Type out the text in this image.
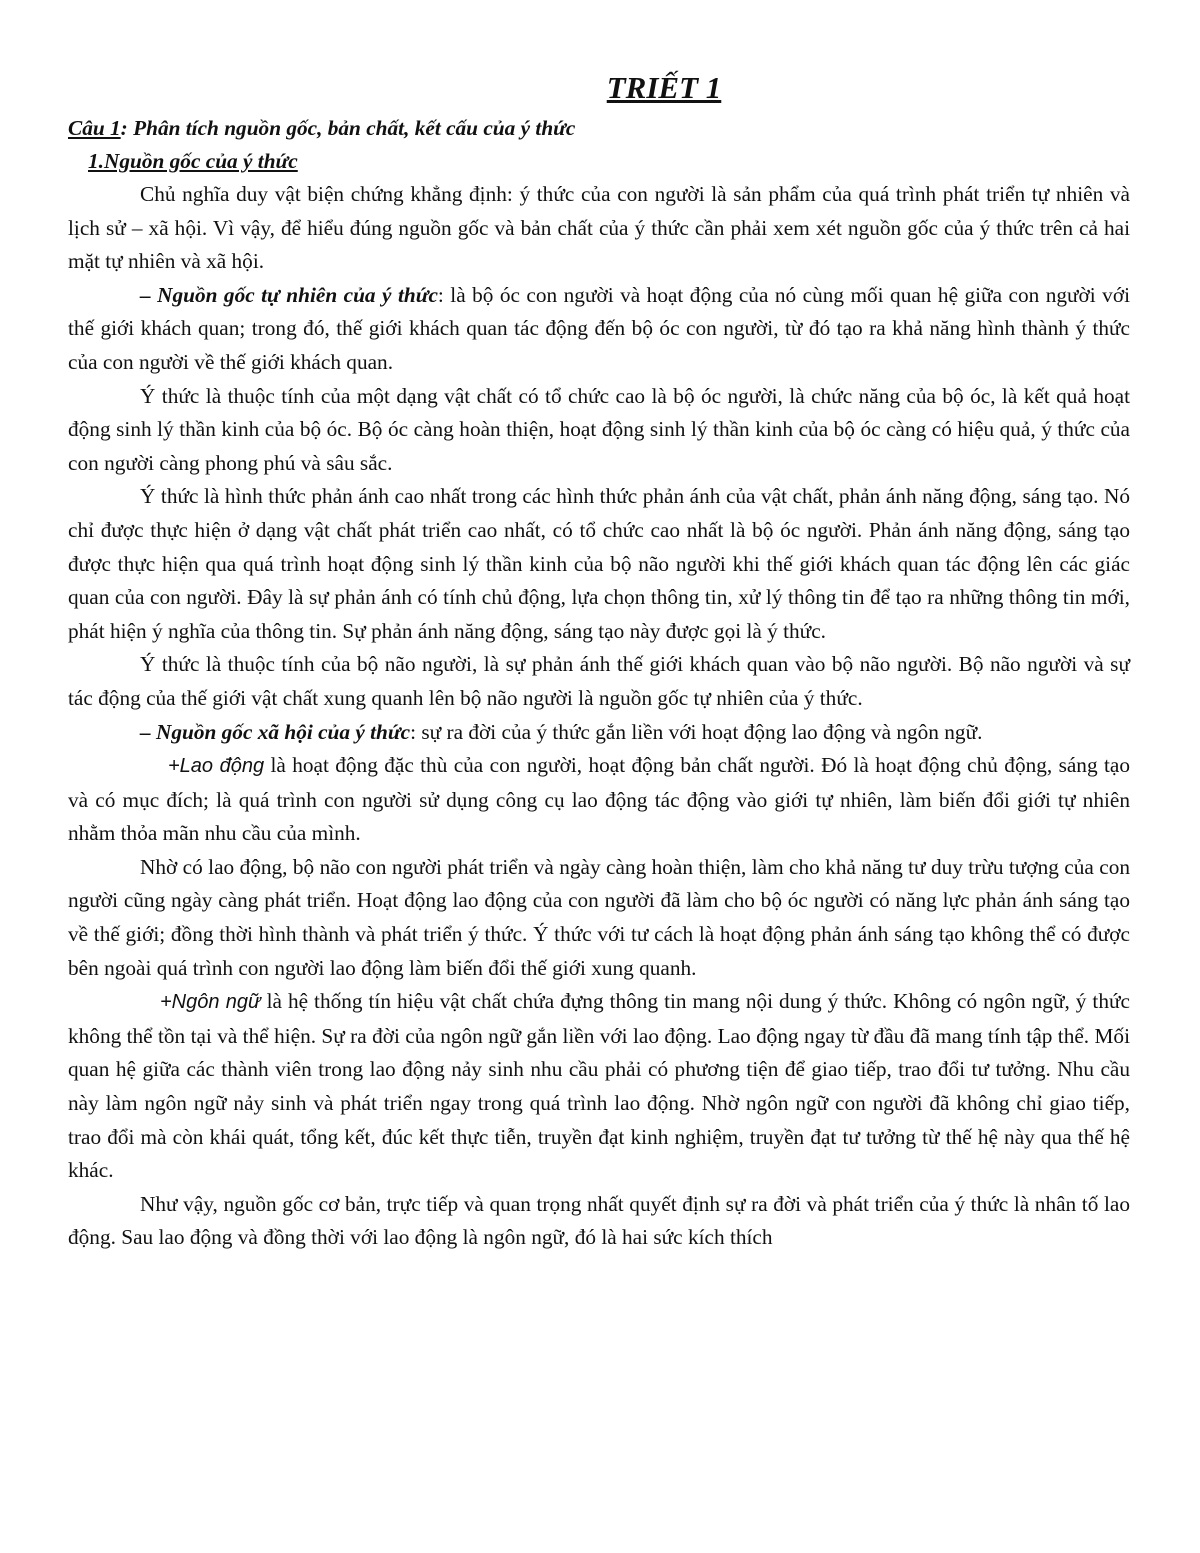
TRIẾT 1

Câu 1: Phân tích nguồn gốc, bản chất, kết cấu của ý thức

1.Nguồn gốc của ý thức

Chủ nghĩa duy vật biện chứng khẳng định: ý thức của con người là sản phẩm của quá trình phát triển tự nhiên và lịch sử – xã hội. Vì vậy, để hiểu đúng nguồn gốc và bản chất của ý thức cần phải xem xét nguồn gốc của ý thức trên cả hai mặt tự nhiên và xã hội.

– Nguồn gốc tự nhiên của ý thức: là bộ óc con người và hoạt động của nó cùng mối quan hệ giữa con người với thế giới khách quan; trong đó, thế giới khách quan tác động đến bộ óc con người, từ đó tạo ra khả năng hình thành ý thức của con người về thế giới khách quan.

Ý thức là thuộc tính của một dạng vật chất có tổ chức cao là bộ óc người, là chức năng của bộ óc, là kết quả hoạt động sinh lý thần kinh của bộ óc. Bộ óc càng hoàn thiện, hoạt động sinh lý thần kinh của bộ óc càng có hiệu quả, ý thức của con người càng phong phú và sâu sắc.

Ý thức là hình thức phản ánh cao nhất trong các hình thức phản ánh của vật chất, phản ánh năng động, sáng tạo. Nó chỉ được thực hiện ở dạng vật chất phát triển cao nhất, có tổ chức cao nhất là bộ óc người. Phản ánh năng động, sáng tạo được thực hiện qua quá trình hoạt động sinh lý thần kinh của bộ não người khi thế giới khách quan tác động lên các giác quan của con người. Đây là sự phản ánh có tính chủ động, lựa chọn thông tin, xử lý thông tin để tạo ra những thông tin mới, phát hiện ý nghĩa của thông tin. Sự phản ánh năng động, sáng tạo này được gọi là ý thức.

Ý thức là thuộc tính của bộ não người, là sự phản ánh thế giới khách quan vào bộ não người. Bộ não người và sự tác động của thế giới vật chất xung quanh lên bộ não người là nguồn gốc tự nhiên của ý thức.

– Nguồn gốc xã hội của ý thức: sự ra đời của ý thức gắn liền với hoạt động lao động và ngôn ngữ.

+Lao động là hoạt động đặc thù của con người, hoạt động bản chất người. Đó là hoạt động chủ động, sáng tạo và có mục đích; là quá trình con người sử dụng công cụ lao động tác động vào giới tự nhiên, làm biến đổi giới tự nhiên nhằm thỏa mãn nhu cầu của mình.

Nhờ có lao động, bộ não con người phát triển và ngày càng hoàn thiện, làm cho khả năng tư duy trừu tượng của con người cũng ngày càng phát triển. Hoạt động lao động của con người đã làm cho bộ óc người có năng lực phản ánh sáng tạo về thế giới; đồng thời hình thành và phát triển ý thức. Ý thức với tư cách là hoạt động phản ánh sáng tạo không thể có được bên ngoài quá trình con người lao động làm biến đổi thế giới xung quanh.

+Ngôn ngữ là hệ thống tín hiệu vật chất chứa đựng thông tin mang nội dung ý thức. Không có ngôn ngữ, ý thức không thể tồn tại và thể hiện. Sự ra đời của ngôn ngữ gắn liền với lao động. Lao động ngay từ đầu đã mang tính tập thể. Mối quan hệ giữa các thành viên trong lao động nảy sinh nhu cầu phải có phương tiện để giao tiếp, trao đổi tư tưởng. Nhu cầu này làm ngôn ngữ nảy sinh và phát triển ngay trong quá trình lao động. Nhờ ngôn ngữ con người đã không chỉ giao tiếp, trao đổi mà còn khái quát, tổng kết, đúc kết thực tiễn, truyền đạt kinh nghiệm, truyền đạt tư tưởng từ thế hệ này qua thế hệ khác.

Như vậy, nguồn gốc cơ bản, trực tiếp và quan trọng nhất quyết định sự ra đời và phát triển của ý thức là nhân tố lao động. Sau lao động và đồng thời với lao động là ngôn ngữ, đó là hai sức kích thích
